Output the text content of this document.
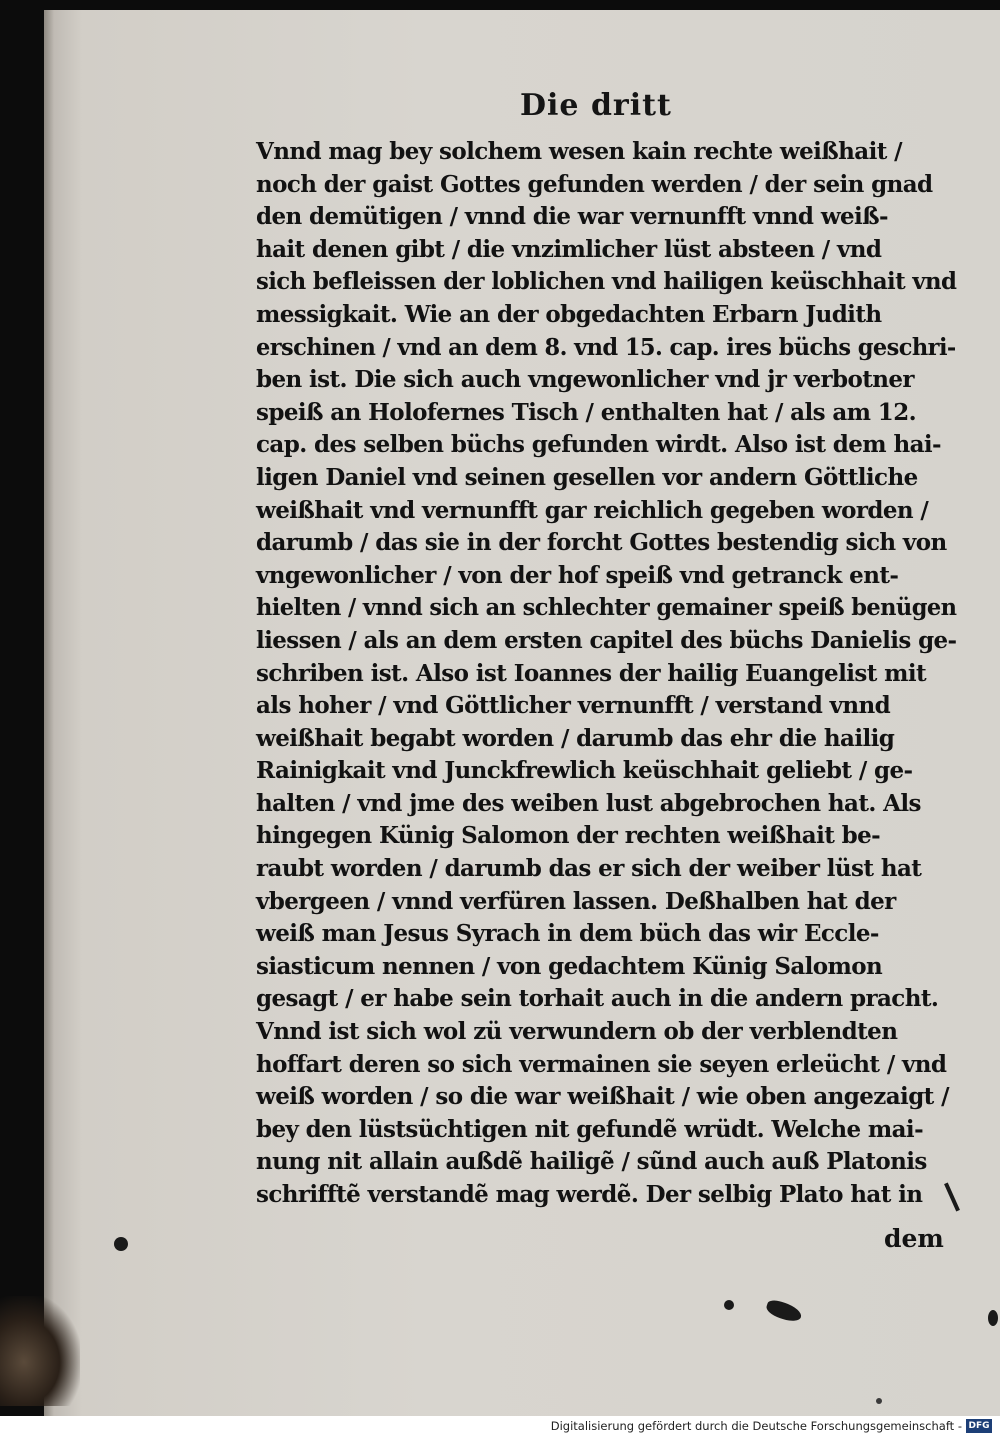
Die dritt
Vnnd mag bey solchem wesen kain rechte weißhait /
noch der gaist Gottes gefunden werden / der sein gnad
den demütigen / vnnd die war vernunfft vnnd weiß-
hait denen gibt / die vnzimlicher lüst absteen / vnd
sich befleissen der loblichen vnd hailigen keüschhait vnd
messigkait. Wie an der obgedachten Erbarn Judith
erschinen / vnd an dem 8. vnd 15. cap. ires büchs geschri-
ben ist. Die sich auch vngewonlicher vnd jr verbotner
speiß an Holofernes Tisch / enthalten hat / als am 12.
cap. des selben büchs gefunden wirdt. Also ist dem hai-
ligen Daniel vnd seinen gesellen vor andern Göttliche
weißhait vnd vernunfft gar reichlich gegeben worden /
darumb / das sie in der forcht Gottes bestendig sich von
vngewonlicher / von der hof speiß vnd getranck ent-
hielten / vnnd sich an schlechter gemainer speiß benügen
liessen / als an dem ersten capitel des büchs Danielis ge-
schriben ist. Also ist Ioannes der hailig Euangelist mit
als hoher / vnd Göttlicher vernunfft / verstand vnnd
weißhait begabt worden / darumb das ehr die hailig
Rainigkait vnd Junckfrewlich keüschhait geliebt / ge-
halten / vnd jme des weiben lust abgebrochen hat. Als
hingegen Künig Salomon der rechten weißhait be-
raubt worden / darumb das er sich der weiber lüst hat
vbergeen / vnnd verfüren lassen. Deßhalben hat der
weiß man Jesus Syrach in dem büch das wir Eccle-
siasticum nennen / von gedachtem Künig Salomon
gesagt / er habe sein torhait auch in die andern pracht.
Vnnd ist sich wol zü verwundern ob der verblendten
hoffart deren so sich vermainen sie seyen erleücht / vnd
weiß worden / so die war weißhait / wie oben angezaigt /
bey den lüstsüchtigen nit gefundẽ wrüdt. Welche mai-
nung nit allain außdẽ hailigẽ / sũnd auch auß Platonis
schrifftẽ verstandẽ mag werdẽ. Der selbig Plato hat in
dem
Digitalisierung gefördert durch die Deutsche Forschungsgemeinschaft - DFG
